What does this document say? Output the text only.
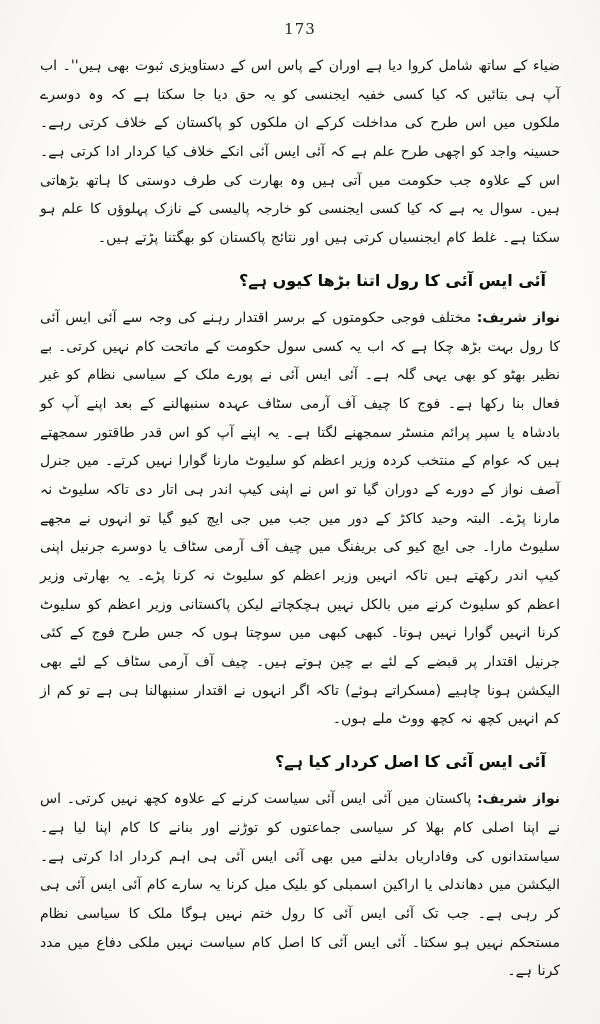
173

ضیاء کے ساتھ شامل کروا دیا ہے اوران کے پاس اس کے دستاویزی ثبوت بھی ہیں''۔ اب آپ ہی بتائیں کہ کیا کسی خفیہ ایجنسی کو یہ حق دیا جا سکتا ہے کہ وہ دوسرے ملکوں میں اس طرح کی مداخلت کرکے ان ملکوں کو پاکستان کے خلاف کرتی رہے۔ حسینہ واجد کو اچھی طرح علم ہے کہ آئی ایس آئی انکے خلاف کیا کردار ادا کرتی ہے۔ اس کے علاوہ جب حکومت میں آتی ہیں وہ بھارت کی طرف دوستی کا ہاتھ بڑھاتی ہیں۔ سوال یہ ہے کہ کیا کسی ایجنسی کو خارجہ پالیسی کے نازک پہلوؤں کا علم ہو سکتا ہے۔ غلط کام ایجنسیاں کرتی ہیں اور نتائج پاکستان کو بھگتنا پڑتے ہیں۔

آئی ایس آئی کا رول اتنا بڑھا کیوں ہے؟

نواز شریف:مختلف فوجی حکومتوں کے برسر اقتدار رہنے کی وجہ سے آئی ایس آئی کا رول بہت بڑھ چکا ہے کہ اب یہ کسی سول حکومت کے ماتحت کام نہیں کرتی۔ بے نظیر بھٹو کو بھی یہی گلہ ہے۔ آئی ایس آئی نے پورے ملک کے سیاسی نظام کو غیر فعال بنا رکھا ہے۔ فوج کا چیف آف آرمی سٹاف عہدہ سنبھالنے کے بعد اپنے آپ کو بادشاہ یا سپر پرائم منسٹر سمجھنے لگتا ہے۔ یہ اپنے آپ کو اس قدر طاقتور سمجھتے ہیں کہ عوام کے منتخب کردہ وزیر اعظم کو سلیوٹ مارنا گوارا نہیں کرتے۔ میں جنرل آصف نواز کے دورے کے دوران گیا تو اس نے اپنی کیپ اندر ہی اتار دی تاکہ سلیوٹ نہ مارنا پڑے۔ البتہ وحید کاکڑ کے دور میں جب میں جی ایچ کیو گیا تو انہوں نے مجھے سلیوٹ مارا۔ جی ایچ کیو کی بریفنگ میں چیف آف آرمی سٹاف یا دوسرے جرنیل اپنی کیپ اندر رکھتے ہیں تاکہ انہیں وزیر اعظم کو سلیوٹ نہ کرنا پڑے۔ یہ بھارتی وزیر اعظم کو سلیوٹ کرنے میں بالکل نہیں ہچکچاتے لیکن پاکستانی وزیر اعظم کو سلیوٹ کرنا انہیں گوارا نہیں ہوتا۔ کبھی کبھی میں سوچتا ہوں کہ جس طرح فوج کے کئی جرنیل اقتدار پر قبضے کے لئے بے چین ہوتے ہیں۔ چیف آف آرمی سٹاف کے لئے بھی الیکشن ہونا چاہیے (مسکراتے ہوئے) تاکہ اگر انہوں نے اقتدار سنبھالنا ہی ہے تو کم از کم انہیں کچھ نہ کچھ ووٹ ملے ہوں۔

آئی ایس آئی کا اصل کردار کیا ہے؟

نواز شریف:پاکستان میں آئی ایس آئی سیاست کرنے کے علاوہ کچھ نہیں کرتی۔ اس نے اپنا اصلی کام بھلا کر سیاسی جماعتوں کو توڑنے اور بنانے کا کام اپنا لیا ہے۔ سیاستدانوں کی وفاداریاں بدلنے میں بھی آئی ایس آئی ہی اہم کردار ادا کرتی ہے۔ الیکشن میں دھاندلی یا اراکین اسمبلی کو بلیک میل کرنا یہ سارے کام آئی ایس آئی ہی کر رہی ہے۔ جب تک آئی ایس آئی کا رول ختم نہیں ہوگا ملک کا سیاسی نظام مستحکم نہیں ہو سکتا۔ آئی ایس آئی کا اصل کام سیاست نہیں ملکی دفاع میں مدد کرنا ہے۔
